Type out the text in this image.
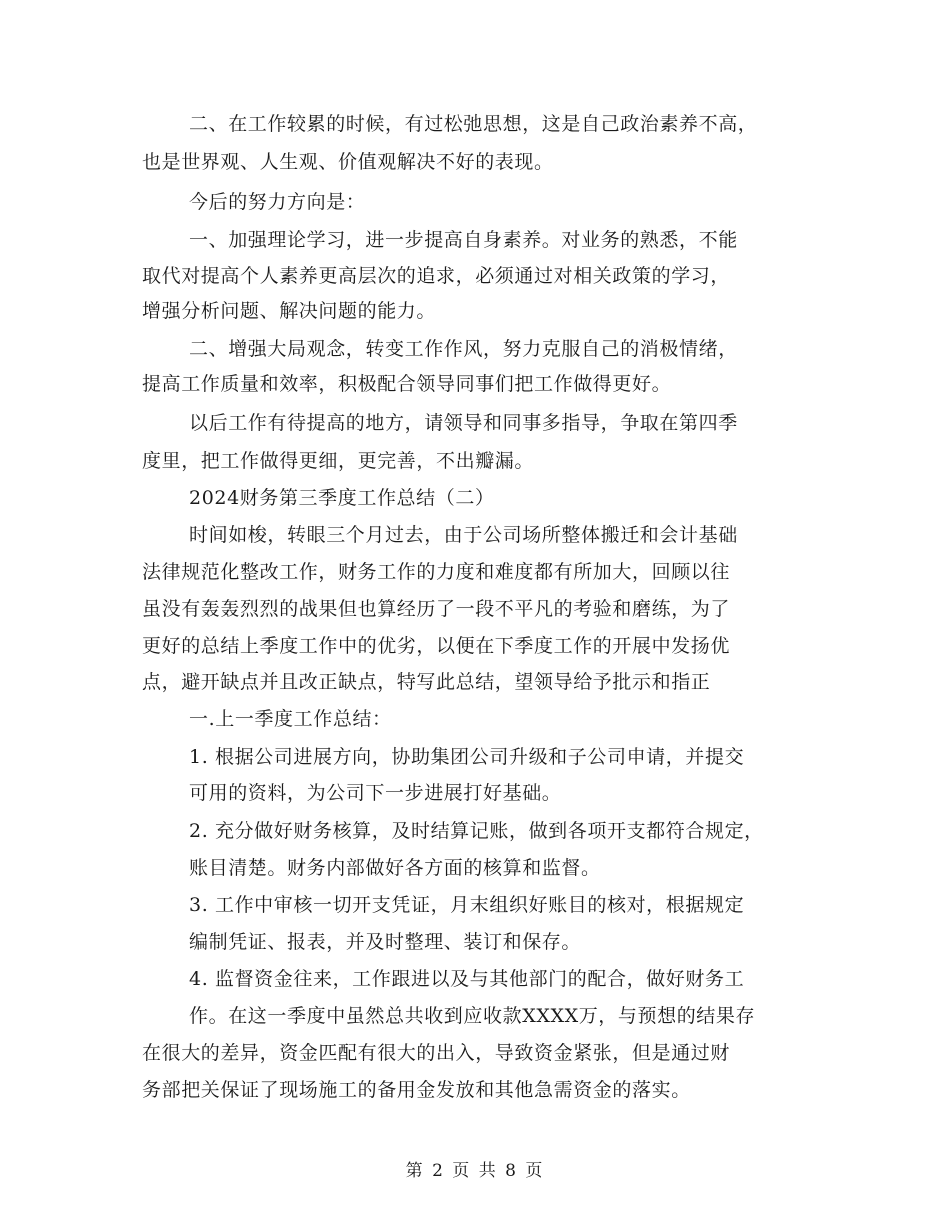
二、在工作较累的时候，有过松弛思想，这是自己政治素养不高，
也是世界观、人生观、价值观解决不好的表现。
今后的努力方向是：
一、加强理论学习，进一步提高自身素养。对业务的熟悉，不能
取代对提高个人素养更高层次的追求，必须通过对相关政策的学习，
增强分析问题、解决问题的能力。
二、增强大局观念，转变工作作风，努力克服自己的消极情绪，
提高工作质量和效率，积极配合领导同事们把工作做得更好。
以后工作有待提高的地方，请领导和同事多指导，争取在第四季
度里，把工作做得更细，更完善，不出瓣漏。
2024财务第三季度工作总结（二）
时间如梭，转眼三个月过去，由于公司场所整体搬迁和会计基础
法律规范化整改工作，财务工作的力度和难度都有所加大，回顾以往
虽没有轰轰烈烈的战果但也算经历了一段不平凡的考验和磨练，为了
更好的总结上季度工作中的优劣，以便在下季度工作的开展中发扬优
点，避开缺点并且改正缺点，特写此总结，望领导给予批示和指正
一.上一季度工作总结：
1. 根据公司进展方向，协助集团公司升级和子公司申请，并提交
可用的资料，为公司下一步进展打好基础。
2. 充分做好财务核算，及时结算记账，做到各项开支都符合规定，
账目清楚。财务内部做好各方面的核算和监督。
3. 工作中审核一切开支凭证，月末组织好账目的核对，根据规定
编制凭证、报表，并及时整理、装订和保存。
4. 监督资金往来，工作跟进以及与其他部门的配合，做好财务工
作。在这一季度中虽然总共收到应收款XXXX万，与预想的结果存
在很大的差异，资金匹配有很大的出入，导致资金紧张，但是通过财
务部把关保证了现场施工的备用金发放和其他急需资金的落实。
第 2 页 共 8 页
